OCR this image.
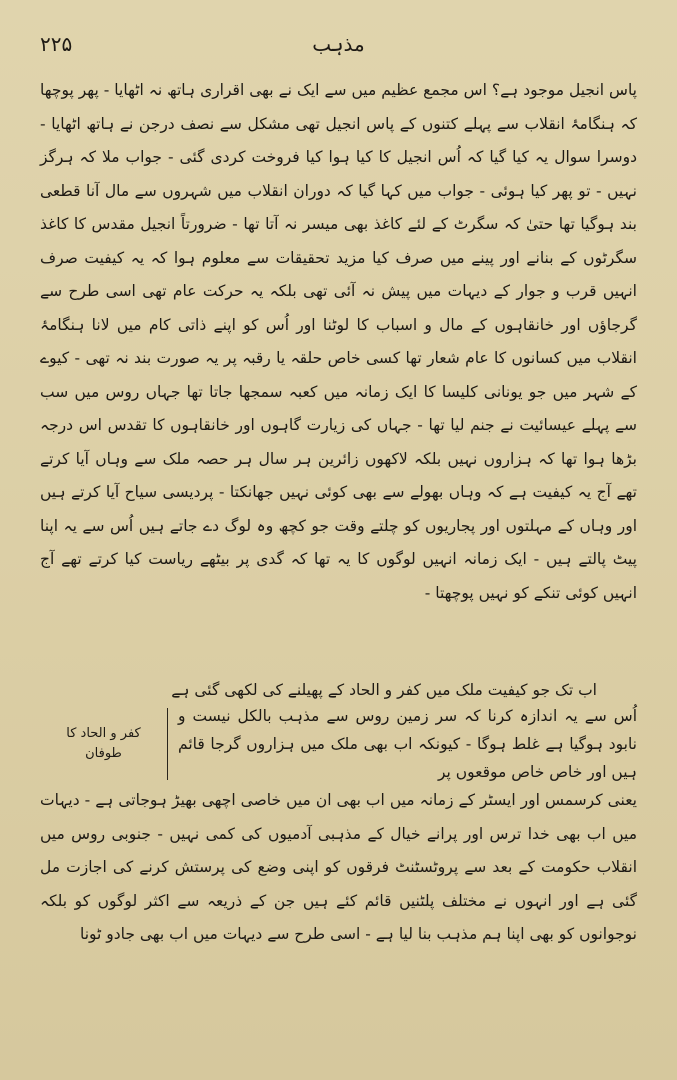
۲۲۵	مذہب

پاس انجیل موجود ہے؟ اس مجمع عظیم میں سے ایک نے بھی اقراری ہاتھ نہ اٹھایا - پھر پوچھا کہ ہنگامۂ انقلاب سے پہلے کتنوں کے پاس انجیل تھی مشکل سے نصف درجن نے ہاتھ اٹھایا - دوسرا سوال یہ کیا گیا کہ اُس انجیل کا کیا ہوا کیا فروخت کردی گئی - جواب ملا کہ ہرگز نہیں - تو پھر کیا ہوئی - جواب میں کہا گیا کہ دوران انقلاب میں شہروں سے مال آنا قطعی بند ہوگیا تھا حتیٰ کہ سگرٹ کے لئے کاغذ بھی میسر نہ آتا تھا - ضرورتاً انجیل مقدس کا کاغذ سگرٹوں کے بنانے اور پینے میں صرف کیا مزید تحقیقات سے معلوم ہوا کہ یہ کیفیت صرف انہیں قرب و جوار کے دیہات میں پیش نہ آئی تھی بلکہ یہ حرکت عام تھی اسی طرح سے گرجاؤں اور خانقاہوں کے مال و اسباب کا لوٹنا اور اُس کو اپنے ذاتی کام میں لانا ہنگامۂ انقلاب میں کسانوں کا عام شعار تھا کسی خاص حلقہ یا رقبہ پر یہ صورت بند نہ تھی - کیوے کے شہر میں جو یونانی کلیسا کا ایک زمانہ میں کعبہ سمجھا جاتا تھا جہاں روس میں سب سے پہلے عیسائیت نے جنم لیا تھا - جہاں کی زیارت گاہوں اور خانقاہوں کا تقدس اس درجہ بڑھا ہوا تھا کہ ہزاروں نہیں بلکہ لاکھوں زائرین ہر سال ہر حصہ ملک سے وہاں آیا کرتے تھے آج یہ کیفیت ہے کہ وہاں بھولے سے بھی کوئی نہیں جھانکتا - پردیسی سیاح آیا کرتے ہیں اور وہاں کے مہلتوں اور پجاریوں کو چلتے وقت جو کچھ وہ لوگ دے جاتے ہیں اُس سے یہ اپنا پیٹ پالتے ہیں - ایک زمانہ انہیں لوگوں کا یہ تھا کہ گدی پر بیٹھے ریاست کیا کرتے تھے آج انہیں کوئی تنکے کو نہیں پوچھتا -

اب تک جو کیفیت ملک میں کفر و الحاد کے پھیلنے کی لکھی گئی ہے

اُس سے یہ اندازہ کرنا کہ سر زمین روس سے مذہب بالکل نیست و نابود ہوگیا ہے غلط ہوگا - کیونکہ اب بھی ملک میں ہزاروں گرجا قائم ہیں اور خاص خاص موقعوں پر

کفر و الحاد کا طوفان

یعنی کرسمس اور ایسٹر کے زمانہ میں اب بھی ان میں خاصی اچھی بھیڑ ہوجاتی ہے - دیہات میں اب بھی خدا ترس اور پرانے خیال کے مذہبی آدمیوں کی کمی نہیں - جنوبی روس میں انقلاب حکومت کے بعد سے پروٹسٹنٹ فرقوں کو اپنی وضع کی پرستش کرنے کی اجازت مل گئی ہے اور انہوں نے مختلف پلٹنیں قائم کئے ہیں جن کے ذریعہ سے اکثر لوگوں کو بلکہ نوجوانوں کو بھی اپنا ہم مذہب بنا لیا ہے - اسی طرح سے دیہات میں اب بھی جادو ٹونا
